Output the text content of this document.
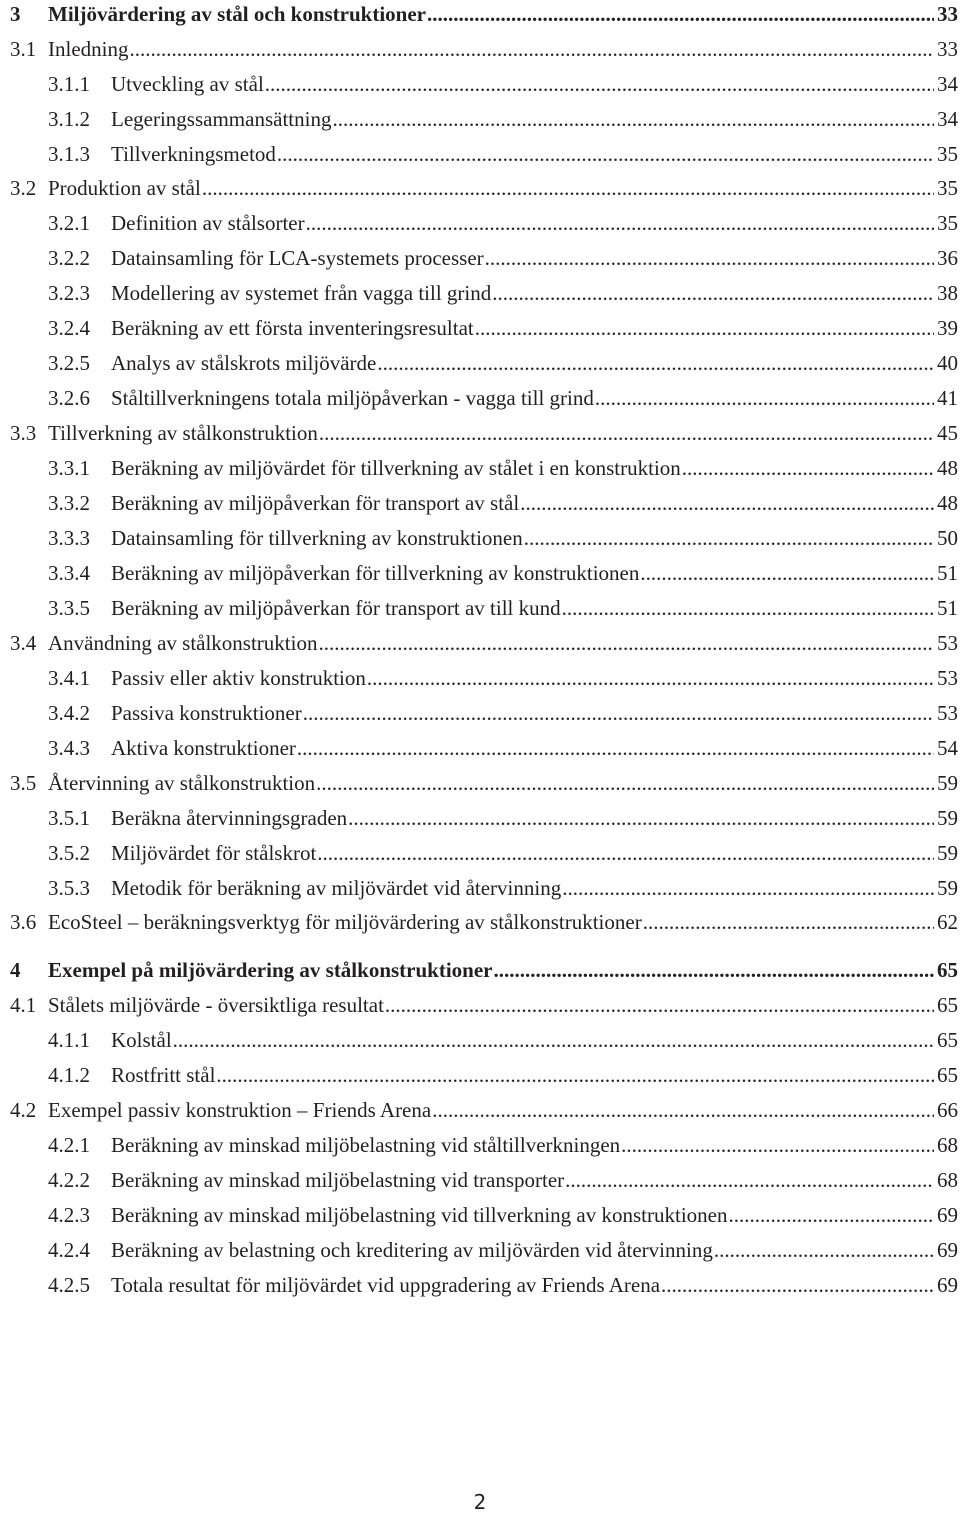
3	Miljövärdering av stål och konstruktioner .....	33
3.1 Inledning .....	33
3.1.1	Utveckling av stål .....	34
3.1.2	Legeringssammansättning .....	34
3.1.3	Tillverkningsmetod .....	35
3.2 Produktion av stål .....	35
3.2.1	Definition av stålsorter .....	35
3.2.2	Datainsamling för LCA-systemets processer .....	36
3.2.3	Modellering av systemet från vagga till grind .....	38
3.2.4	Beräkning av ett första inventeringsresultat .....	39
3.2.5	Analys av stålskrots miljövärde .....	40
3.2.6	Ståltillverkningens totala miljöpåverkan - vagga till grind .....	41
3.3 Tillverkning av stålkonstruktion .....	45
3.3.1	Beräkning av miljövärdet för tillverkning av stålet i en konstruktion .....	48
3.3.2	Beräkning av miljöpåverkan för transport av stål .....	48
3.3.3	Datainsamling för tillverkning av konstruktionen .....	50
3.3.4	Beräkning av miljöpåverkan för tillverkning av konstruktionen .....	51
3.3.5	Beräkning av miljöpåverkan för transport av till kund .....	51
3.4 Användning av stålkonstruktion .....	53
3.4.1	Passiv eller aktiv konstruktion .....	53
3.4.2	Passiva konstruktioner .....	53
3.4.3	Aktiva konstruktioner .....	54
3.5 Återvinning av stålkonstruktion .....	59
3.5.1	Beräkna återvinningsgraden .....	59
3.5.2	Miljövärdet för stålskrot .....	59
3.5.3	Metodik för beräkning av miljövärdet vid återvinning .....	59
3.6 EcoSteel – beräkningsverktyg för miljövärdering av stålkonstruktioner .....	62
4	Exempel på miljövärdering av stålkonstruktioner .....	65
4.1 Stålets miljövärde - översiktliga resultat .....	65
4.1.1	Kolstål .....	65
4.1.2	Rostfritt stål .....	65
4.2 Exempel passiv konstruktion – Friends Arena .....	66
4.2.1	Beräkning av minskad miljöbelastning vid ståltillverkningen .....	68
4.2.2	Beräkning av minskad miljöbelastning vid transporter .....	68
4.2.3	Beräkning av minskad miljöbelastning vid tillverkning av konstruktionen .....	69
4.2.4	Beräkning av belastning och kreditering av miljövärden vid återvinning .....	69
4.2.5	Totala resultat för miljövärdet vid uppgradering av Friends Arena .....	69
2
